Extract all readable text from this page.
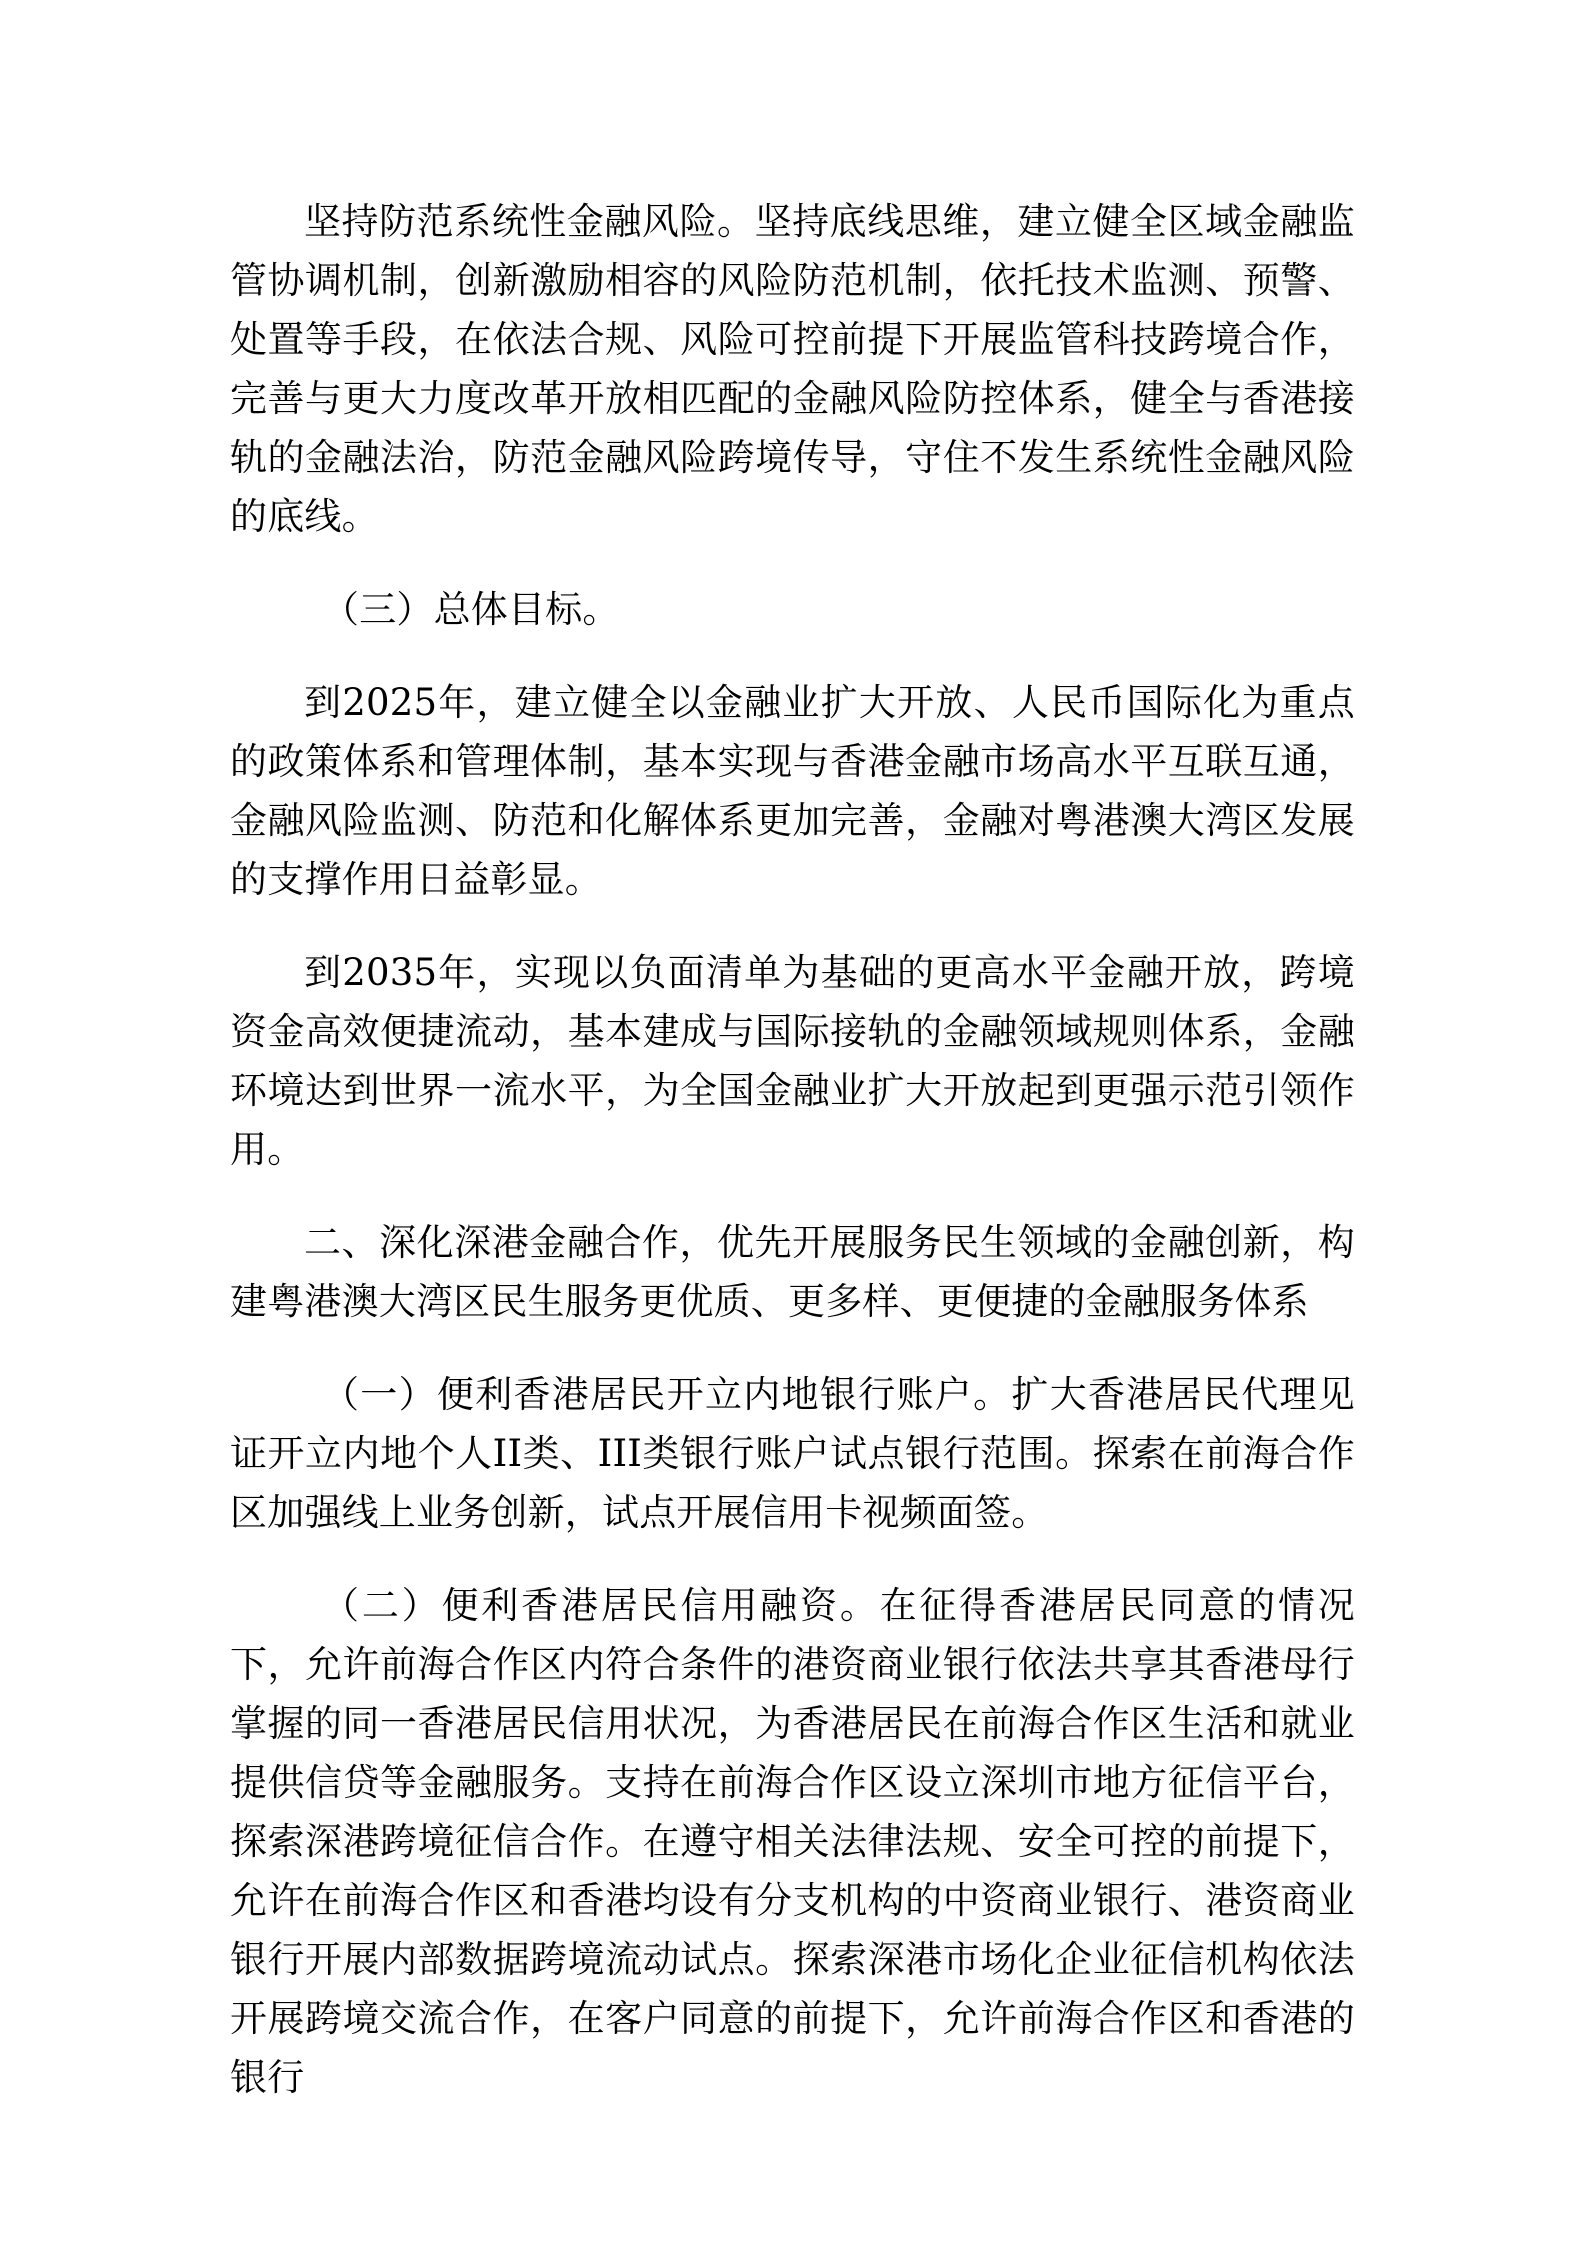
坚持防范系统性金融风险。坚持底线思维，建立健全区域金融监管协调机制，创新激励相容的风险防范机制，依托技术监测、预警、处置等手段，在依法合规、风险可控前提下开展监管科技跨境合作，完善与更大力度改革开放相匹配的金融风险防控体系，健全与香港接轨的金融法治，防范金融风险跨境传导，守住不发生系统性金融风险的底线。

（三）总体目标。

到2025年，建立健全以金融业扩大开放、人民币国际化为重点的政策体系和管理体制，基本实现与香港金融市场高水平互联互通，金融风险监测、防范和化解体系更加完善，金融对粤港澳大湾区发展的支撑作用日益彰显。

到2035年，实现以负面清单为基础的更高水平金融开放，跨境资金高效便捷流动，基本建成与国际接轨的金融领域规则体系，金融环境达到世界一流水平，为全国金融业扩大开放起到更强示范引领作用。

二、深化深港金融合作，优先开展服务民生领域的金融创新，构建粤港澳大湾区民生服务更优质、更多样、更便捷的金融服务体系

（一）便利香港居民开立内地银行账户。扩大香港居民代理见证开立内地个人II类、III类银行账户试点银行范围。探索在前海合作区加强线上业务创新，试点开展信用卡视频面签。

（二）便利香港居民信用融资。在征得香港居民同意的情况下，允许前海合作区内符合条件的港资商业银行依法共享其香港母行掌握的同一香港居民信用状况，为香港居民在前海合作区生活和就业提供信贷等金融服务。支持在前海合作区设立深圳市地方征信平台，探索深港跨境征信合作。在遵守相关法律法规、安全可控的前提下，允许在前海合作区和香港均设有分支机构的中资商业银行、港资商业银行开展内部数据跨境流动试点。探索深港市场化企业征信机构依法开展跨境交流合作，在客户同意的前提下，允许前海合作区和香港的银行
